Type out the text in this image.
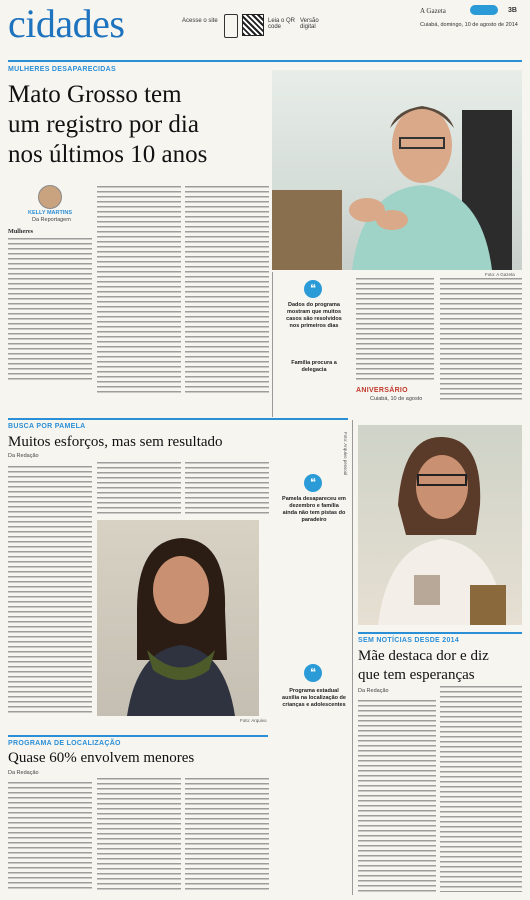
cidades	Acesse o site	Leia o QR code
Versão digital
A Gazeta	3B
Cuiabá, domingo, 10 de agosto de 2014
MULHERES DESAPARECIDAS
Mato Grosso tem
um registro por dia
nos últimos 10 anos
Foto: A Gazeta
KELLY MARTINS
Da Reportagem
Mulheres
❝
Dados do programa mostram que muitos casos são resolvidos nos primeiros dias
Família procura a delegacia
ANIVERSÁRIO
Cuiabá, 10 de agosto
BUSCA POR PAMELA
Muitos esforços, mas sem resultado
Da Redação
Foto: Arquivo
❝
Pamela desapareceu em dezembro e família ainda não tem pistas do paradeiro
PROGRAMA DE LOCALIZAÇÃO
Quase 60% envolvem menores
Da Redação
❝
Programa estadual auxilia na localização de crianças e adolescentes
Foto: Arquivo pessoal
SEM NOTÍCIAS DESDE 2014
Mãe destaca dor e diz
que tem esperanças
Da Redação
